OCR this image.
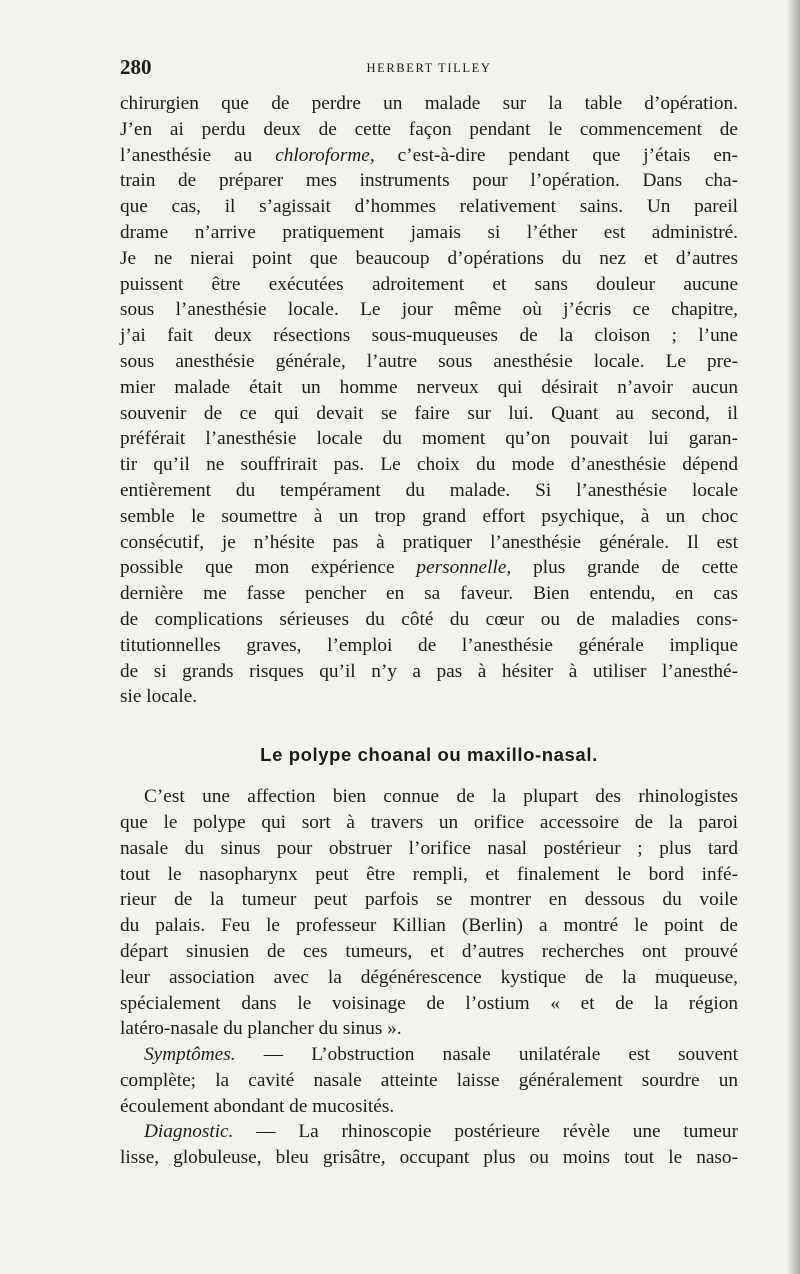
280	HERBERT TILLEY
chirurgien que de perdre un malade sur la table d’opération.
J’en ai perdu deux de cette façon pendant le commencement de
l’anesthésie au chloroforme, c’est-à-dire pendant que j’étais en-
train de préparer mes instruments pour l’opération. Dans cha-
que cas, il s’agissait d’hommes relativement sains. Un pareil
drame n’arrive pratiquement jamais si l’éther est administré.
Je ne nierai point que beaucoup d’opérations du nez et d’autres
puissent être exécutées adroitement et sans douleur aucune
sous l’anesthésie locale. Le jour même où j’écris ce chapitre,
j’ai fait deux résections sous-muqueuses de la cloison ; l’une
sous anesthésie générale, l’autre sous anesthésie locale. Le pre-
mier malade était un homme nerveux qui désirait n’avoir aucun
souvenir de ce qui devait se faire sur lui. Quant au second, il
préférait l’anesthésie locale du moment qu’on pouvait lui garan-
tir qu’il ne souffrirait pas. Le choix du mode d’anesthésie dépend
entièrement du tempérament du malade. Si l’anesthésie locale
semble le soumettre à un trop grand effort psychique, à un choc
consécutif, je n’hésite pas à pratiquer l’anesthésie générale. Il est
possible que mon expérience personnelle, plus grande de cette
dernière me fasse pencher en sa faveur. Bien entendu, en cas
de complications sérieuses du côté du cœur ou de maladies cons-
titutionnelles graves, l’emploi de l’anesthésie générale implique
de si grands risques qu’il n’y a pas à hésiter à utiliser l’anesthé-
sie locale.
Le polype choanal ou maxillo-nasal.
C’est une affection bien connue de la plupart des rhinologistes
que le polype qui sort à travers un orifice accessoire de la paroi
nasale du sinus pour obstruer l’orifice nasal postérieur ; plus tard
tout le nasopharynx peut être rempli, et finalement le bord infé-
rieur de la tumeur peut parfois se montrer en dessous du voile
du palais. Feu le professeur Killian (Berlin) a montré le point de
départ sinusien de ces tumeurs, et d’autres recherches ont prouvé
leur association avec la dégénérescence kystique de la muqueuse,
spécialement dans le voisinage de l’ostium « et de la région
latéro-nasale du plancher du sinus ».
Symptômes. — L’obstruction nasale unilatérale est souvent
complète; la cavité nasale atteinte laisse généralement sourdre un
écoulement abondant de mucosités.
Diagnostic. — La rhinoscopie postérieure révèle une tumeur
lisse, globuleuse, bleu grisâtre, occupant plus ou moins tout le naso-
